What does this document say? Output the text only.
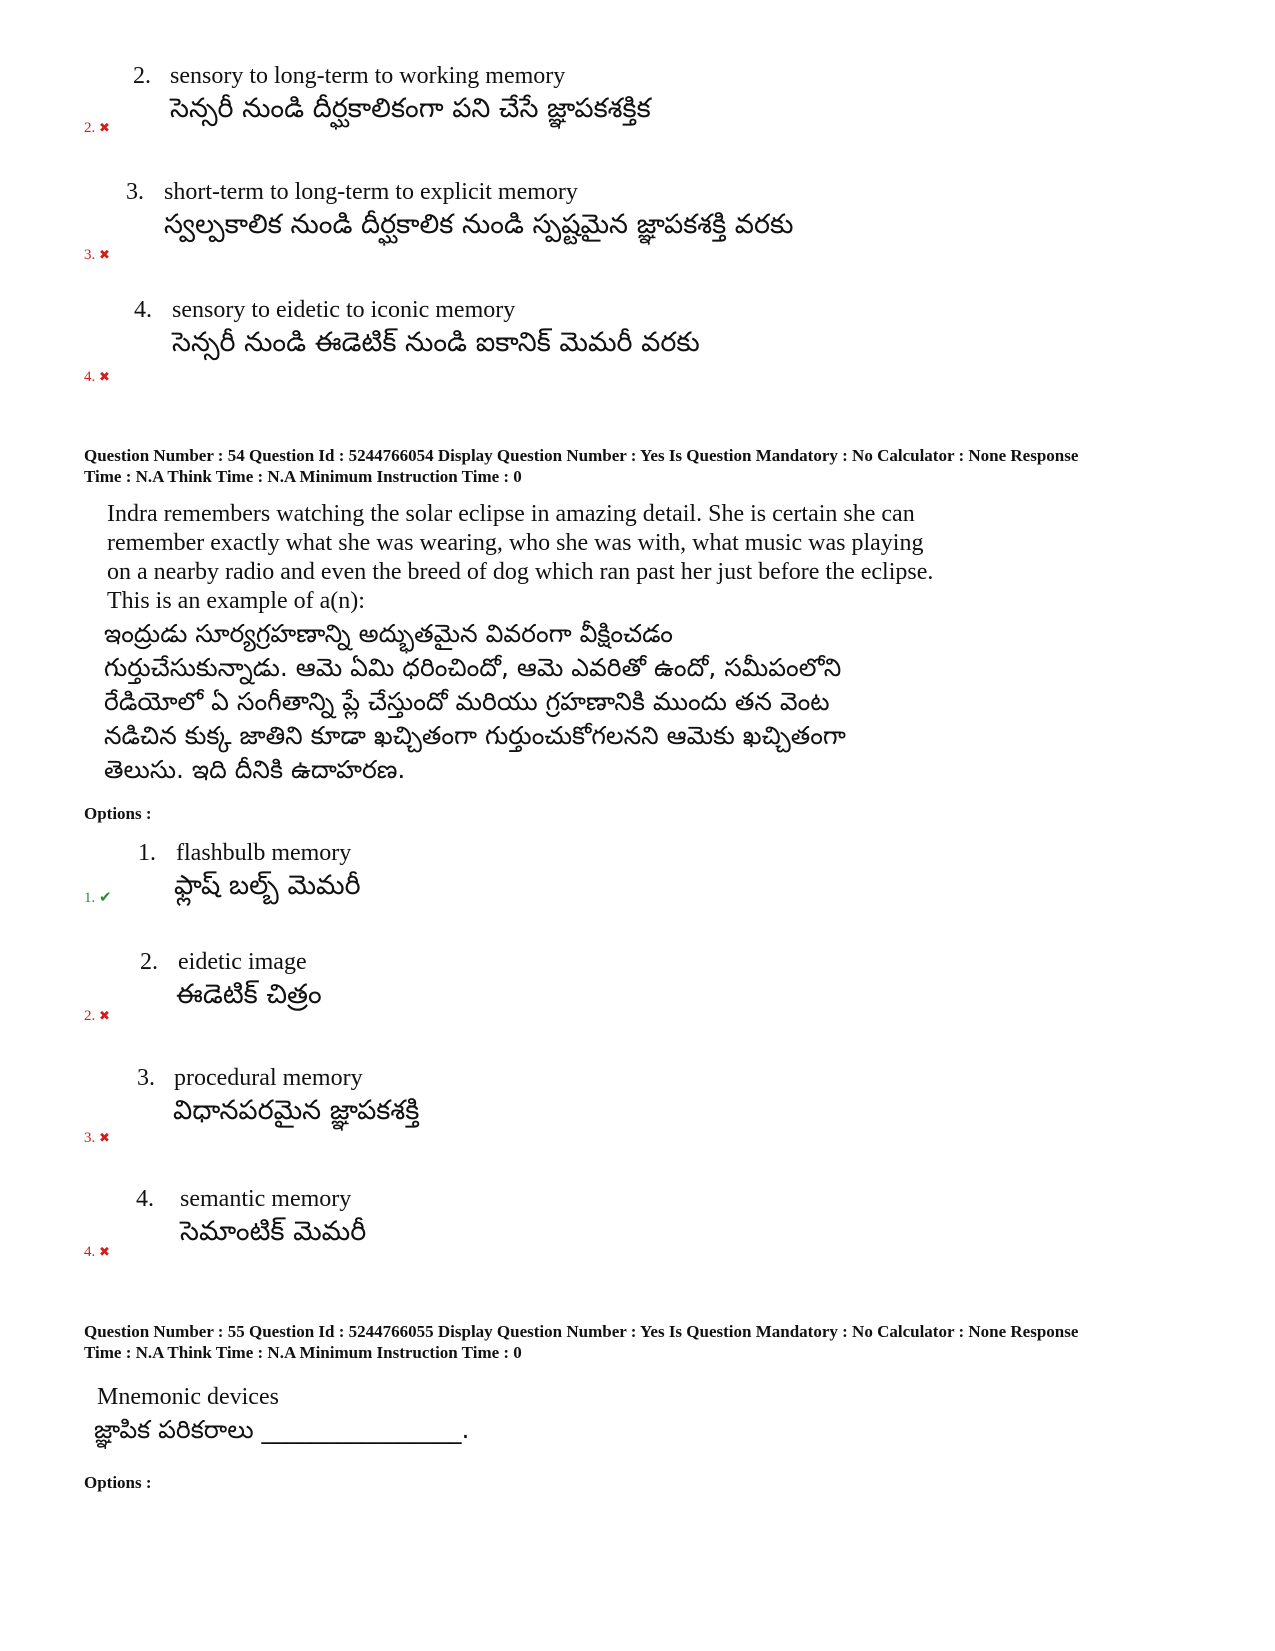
2. sensory to long-term to working memory
సెన్సరీ నుండి దీర్ఘకాలికంగా పని చేసే జ్ఞాపకశక్తిక
2. ✖
3. short-term to long-term to explicit memory
స్వల్పకాలిక నుండి దీర్ఘకాలిక నుండి స్పష్టమైన జ్ఞాపకశక్తి వరకు
3. ✖
4. sensory to eidetic to iconic memory
సెన్సరీ నుండి ఈడెటిక్ నుండి ఐకానిక్ మెమరీ వరకు
4. ✖
Question Number : 54 Question Id : 5244766054 Display Question Number : Yes Is Question Mandatory : No Calculator : None Response
Time : N.A Think Time : N.A Minimum Instruction Time : 0
Indra remembers watching the solar eclipse in amazing detail. She is certain she can
remember exactly what she was wearing, who she was with, what music was playing
on a nearby radio and even the breed of dog which ran past her just before the eclipse.
This is an example of a(n):
ఇంద్రుడు సూర్యగ్రహణాన్ని అద్భుతమైన వివరంగా వీక్షించడం
గుర్తుచేసుకున్నాడు. ఆమె ఏమి ధరించిందో, ఆమె ఎవరితో ఉందో, సమీపంలోని
రేడియోలో ఏ సంగీతాన్ని ప్లే చేస్తుందో మరియు గ్రహణానికి ముందు తన వెంట
నడిచిన కుక్క జాతిని కూడా ఖచ్చితంగా గుర్తుంచుకోగలనని ఆమెకు ఖచ్చితంగా
తెలుసు. ఇది దీనికి ఉదాహరణ.
Options :
1. flashbulb memory
ఫ్లాష్ బల్బ్ మెమరీ
1. ✔
2. eidetic image
ఈడెటిక్ చిత్రం
2. ✖
3. procedural memory
విధానపరమైన జ్ఞాపకశక్తి
3. ✖
4. semantic memory
సెమాంటిక్ మెమరీ
4. ✖
Question Number : 55 Question Id : 5244766055 Display Question Number : Yes Is Question Mandatory : No Calculator : None Response
Time : N.A Think Time : N.A Minimum Instruction Time : 0
Mnemonic devices
జ్ఞాపిక పరికరాలు ________________.
Options :
